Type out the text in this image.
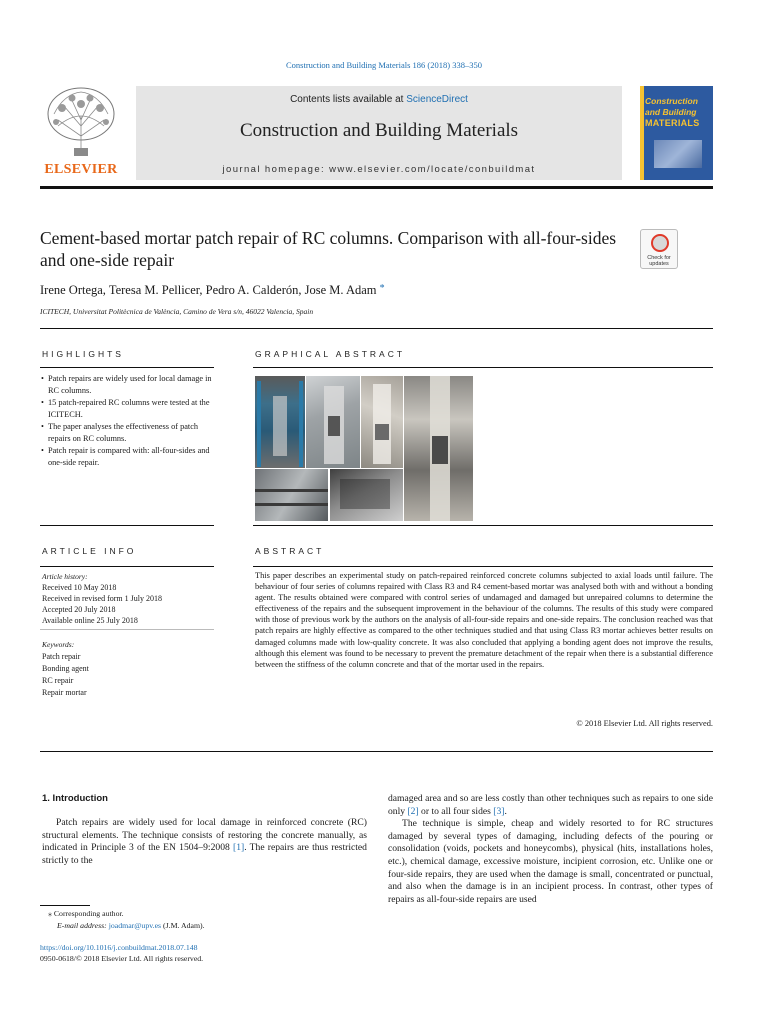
Construction and Building Materials 186 (2018) 338–350
ELSEVIER
Contents lists available at ScienceDirect
Construction and Building Materials
journal homepage: www.elsevier.com/locate/conbuildmat
Construction
and Building
MATERIALS
Cement-based mortar patch repair of RC columns. Comparison with all-four-sides and one-side repair	Check for
updates
Irene Ortega, Teresa M. Pellicer, Pedro A. Calderón, Jose M. Adam *
ICITECH, Universitat Politècnica de València, Camino de Vera s/n, 46022 Valencia, Spain
HIGHLIGHTS
• Patch repairs are widely used for local damage in RC columns.
• 15 patch-repaired RC columns were tested at the ICITECH.
• The paper analyses the effectiveness of patch repairs on RC columns.
• Patch repair is compared with: all-four-sides and one-side repair.
GRAPHICAL ABSTRACT
ARTICLE INFO
Article history:
Received 10 May 2018
Received in revised form 1 July 2018
Accepted 20 July 2018
Available online 25 July 2018
Keywords:
Patch repair
Bonding agent
RC repair
Repair mortar
ABSTRACT
This paper describes an experimental study on patch-repaired reinforced concrete columns subjected to axial loads until failure. The behaviour of four series of columns repaired with Class R3 and R4 cement-based mortar was analysed both with and without a bonding agent. The results obtained were compared with control series of undamaged and damaged but unrepaired columns to determine the effectiveness of the repairs and the subsequent improvement in the behaviour of the columns. The results of this study were compared with those of previous work by the authors on the analysis of all-four-side repairs and one-side repairs. The conclusion reached was that patch repairs are highly effective as compared to the other techniques studied and that using Class R3 mortar achieves better results on damaged columns made with low-quality concrete. It was also concluded that applying a bonding agent does not improve the results, although this element was found to be necessary to prevent the premature detachment of the repair when there is a substantial difference between the stiffness of the column concrete and that of the mortar used in the repairs.
© 2018 Elsevier Ltd. All rights reserved.
1. Introduction
Patch repairs are widely used for local damage in reinforced concrete (RC) structural elements. The technique consists of restoring the concrete manually, as indicated in Principle 3 of the EN 1504–9:2008 [1]. The repairs are thus restricted strictly to the
damaged area and so are less costly than other techniques such as repairs to one side only [2] or to all four sides [3].
The technique is simple, cheap and widely resorted to for RC structures damaged by several types of damaging, including defects of the pouring or consolidation (voids, pockets and honeycombs), physical (hits, installations holes, etc.), chemical damage, excessive moisture, incipient corrosion, etc. Unlike one or four-side repairs, they are used when the damage is small, concentrated or punctual, and also when the damage is in an incipient process. In contrast, other types of repairs as all-four-side repairs are used
⁎ Corresponding author.
E-mail address: joadmar@upv.es (J.M. Adam).
https://doi.org/10.1016/j.conbuildmat.2018.07.148
0950-0618/© 2018 Elsevier Ltd. All rights reserved.
